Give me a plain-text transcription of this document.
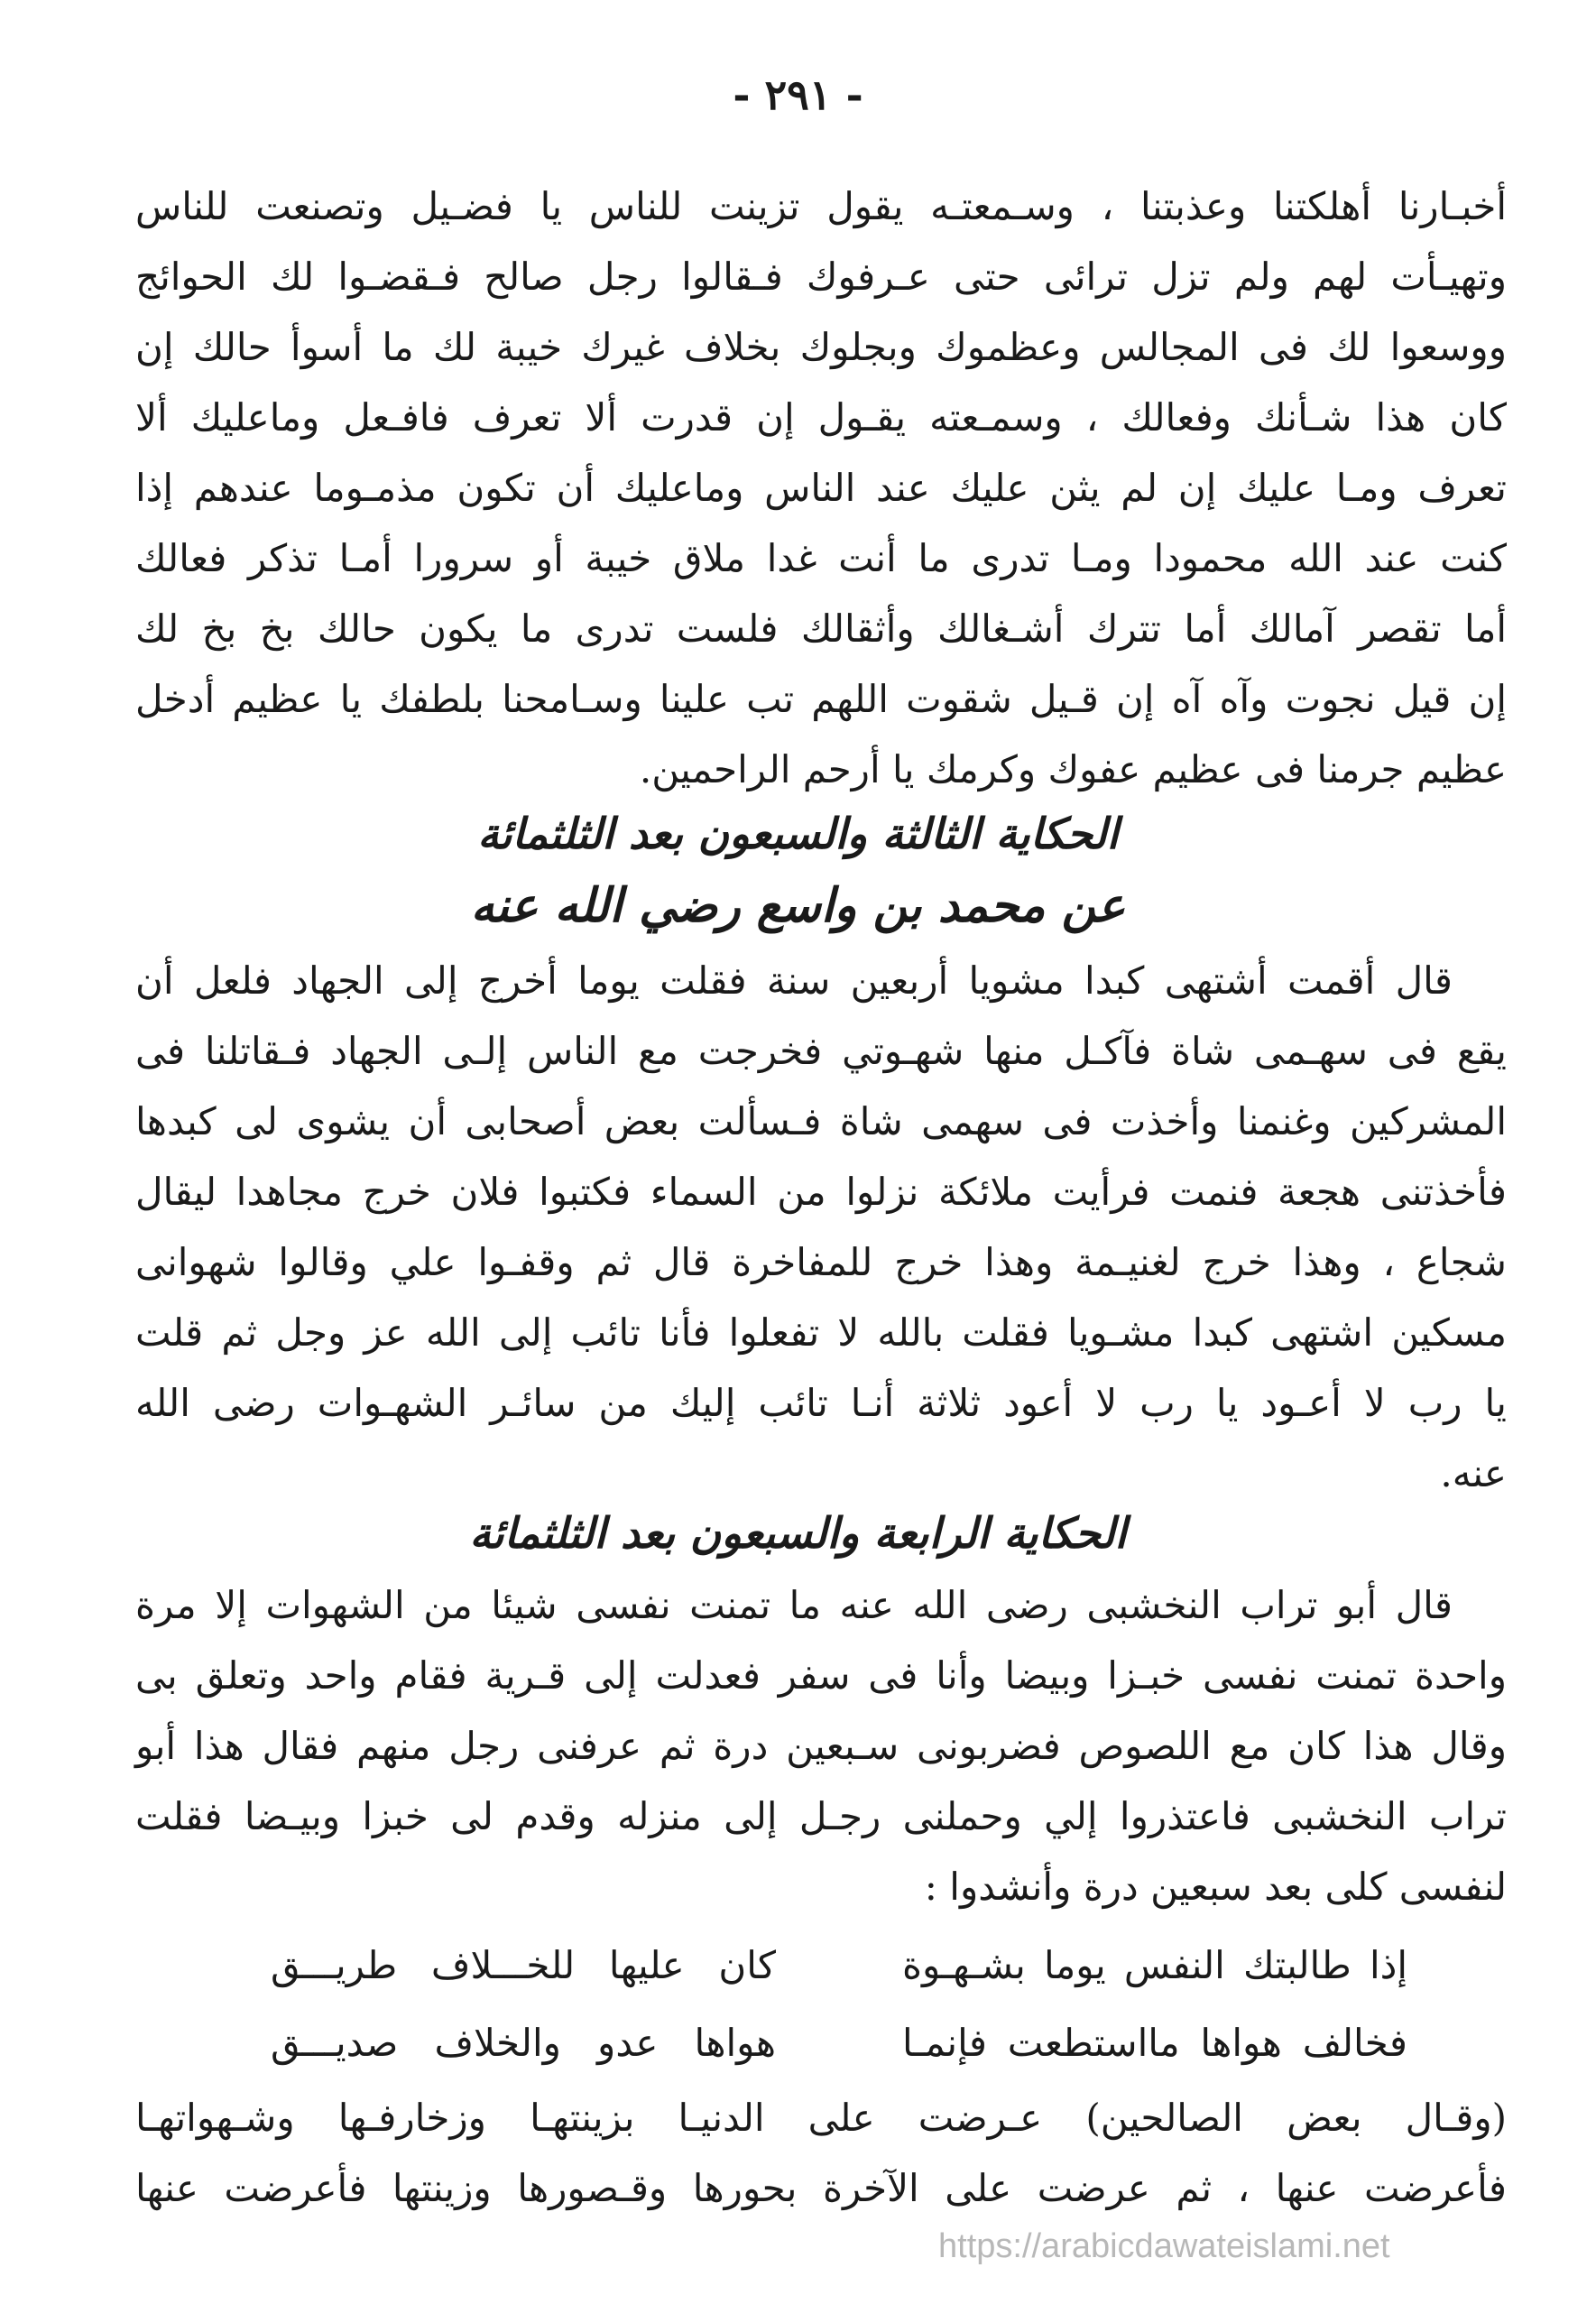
- ٢٩١ -
أخبـارنا أهلكتنا وعذبتنا ، وسـمعتـه يقول تزينت للناس يا فضـيل وتصنعت للناس
وتهيـأت لهم ولم تزل ترائى حتى عـرفوك فـقالوا رجل صالح فـقضـوا لك الحوائج
ووسعوا لك فى المجالس وعظموك وبجلوك بخلاف غيرك خيبة لك ما أسوأ حالك إن
كان هذا شـأنك وفعالك ، وسمـعته يقـول إن قدرت ألا تعرف فافـعل وماعليك ألا
تعرف ومـا عليك إن لم يثن عليك عند الناس وماعليك أن تكون مذمـوما عندهم إذا
كنت عند الله محمودا ومـا تدرى ما أنت غدا ملاق خيبة أو سرورا أمـا تذكر فعالك
أما تقصر آمالك أما تترك أشـغالك وأثقالك فلست تدرى ما يكون حالك بخ بخ لك
إن قيل نجوت وآه آه إن قـيل شقوت اللهم تب علينا وسـامحنا بلطفك يا عظيم أدخل
عظيم جرمنا فى عظيم عفوك وكرمك يا أرحم الراحمين.
الحكاية الثالثة والسبعون بعد الثلثمائة
عن محمد بن واسع رضي الله عنه
قال أقمت أشتهى كبدا مشويا أربعين سنة فقلت يوما أخرج إلى الجهاد فلعل أن
يقع فى سهـمى شاة فآكـل منها شهـوتي فخرجت مع الناس إلـى الجهاد فـقاتلنا فى
المشركين وغنمنا وأخذت فى سهمى شاة فـسألت بعض أصحابى أن يشوى لى كبدها
فأخذتنى هجعة فنمت فرأيت ملائكة نزلوا من السماء فكتبوا فلان خرج مجاهدا ليقال
شجاع ، وهذا خرج لغنيـمة وهذا خرج للمفاخرة قال ثم وقفـوا علي وقالوا شهوانى
مسكين اشتهى كبدا مشـويا فقلت بالله لا تفعلوا فأنا تائب إلى الله عز وجل ثم قلت
يا رب لا أعـود يا رب لا أعود ثلاثة أنـا تائب إليك من سائـر الشهـوات رضى الله
عنه.
الحكاية الرابعة والسبعون بعد الثلثمائة
قال أبو تراب النخشبى رضى الله عنه ما تمنت نفسى شيئا من الشهوات إلا مرة
واحدة تمنت نفسى خبـزا وبيضا وأنا فى سفر فعدلت إلى قـرية فقام واحد وتعلق بى
وقال هذا كان مع اللصوص فضربونى سـبعين درة ثم عرفنى رجل منهم فقال هذا أبو
تراب النخشبى فاعتذروا إلي وحملنى رجـل إلى منزله وقدم لى خبزا وبيـضا فقلت
لنفسى كلى بعد سبعين درة وأنشدوا :
إذا طالبتك النفس يوما بشـهـوة
كان عليها للخـــلاف طريـــق
فخالف هواها مااستطعت فإنمـا
هواها عدو والخلاف صديـــق
(وقـال بعض الصالحين) عـرضت على الدنيـا بزينتهـا وزخارفـها وشـهواتهـا
فأعرضت عنها ، ثم عرضت على الآخرة بحورها وقـصورها وزينتها فأعرضت عنها
https://arabicdawateislami.net
